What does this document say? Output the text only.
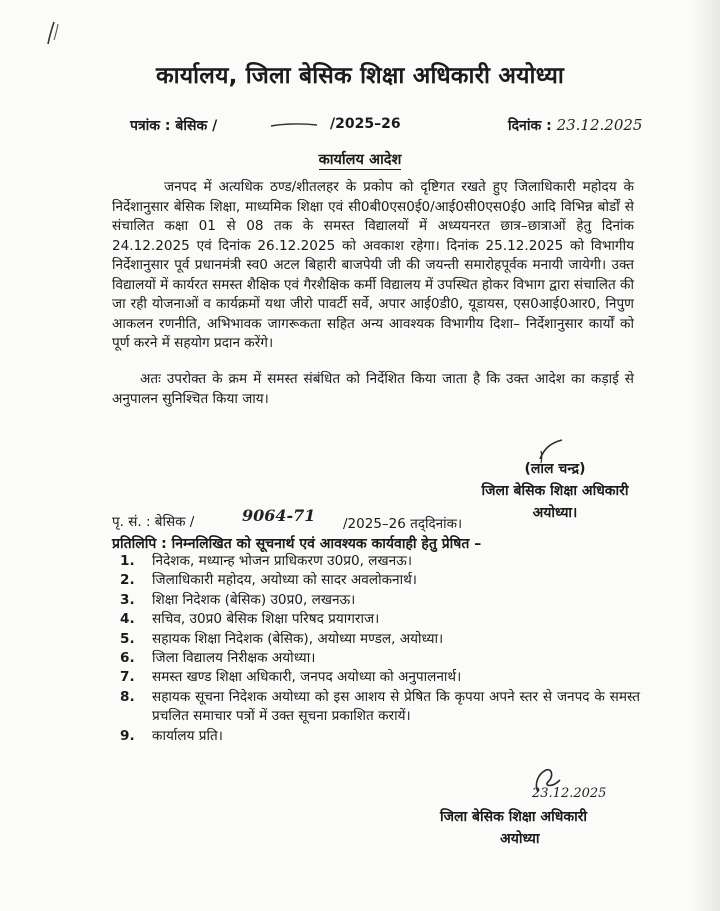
कार्यालय, जिला बेसिक शिक्षा अधिकारी अयोध्या
पत्रांक : बेसिक /	/2025–26	दिनांक : 23.12.2025
कार्यालय आदेश
जनपद में अत्यधिक ठण्ड/शीतलहर के प्रकोप को दृष्टिगत रखते हुए जिलाधिकारी महोदय के निर्देशानुसार बेसिक शिक्षा, माध्यमिक शिक्षा एवं सी0बी0एस0ई0/आई0सी0एस0ई0 आदि विभिन्न बोर्डों से संचालित कक्षा 01 से 08 तक के समस्त विद्यालयों में अध्ययनरत छात्र–छात्राओं हेतु दिनांक 24.12.2025 एवं दिनांक 26.12.2025 को अवकाश रहेगा। दिनांक 25.12.2025 को विभागीय निर्देशानुसार पूर्व प्रधानमंत्री स्व0 अटल बिहारी बाजपेयी जी की जयन्ती समारोहपूर्वक मनायी जायेगी। उक्त विद्यालयों में कार्यरत समस्त शैक्षिक एवं गैरशैक्षिक कर्मी विद्यालय में उपस्थित होकर विभाग द्वारा संचालित की जा रही योजनाओं व कार्यक्रमों यथा जीरो पावर्टी सर्वे, अपार आई0डी0, यूडायस, एस0आई0आर0, निपुण आकलन रणनीति, अभिभावक जागरूकता सहित अन्य आवश्यक विभागीय दिशा– निर्देशानुसार कार्यों को पूर्ण करने में सहयोग प्रदान करेंगे।
अतः उपरोक्त के क्रम में समस्त संबंधित को निर्देशित किया जाता है कि उक्त आदेश का कड़ाई से अनुपालन सुनिश्चित किया जाय।
(लाल चन्द्र)
जिला बेसिक शिक्षा अधिकारी
अयोध्या।
पृ. सं. : बेसिक /	9064-71 /2025–26 तद्‌दिनांक।
प्रतिलिपि : निम्नलिखित को सूचनार्थ एवं आवश्यक कार्यवाही हेतु प्रेषित –
1.	निदेशक, मध्यान्ह भोजन प्राधिकरण उ0प्र0, लखनऊ।
2.	जिलाधिकारी महोदय, अयोध्या को सादर अवलोकनार्थ।
3.	शिक्षा निदेशक (बेसिक) उ0प्र0, लखनऊ।
4.	सचिव, उ0प्र0 बेसिक शिक्षा परिषद प्रयागराज।
5.	सहायक शिक्षा निदेशक (बेसिक), अयोध्या मण्डल, अयोध्या।
6.	जिला विद्यालय निरीक्षक अयोध्या।
7.	समस्त खण्ड शिक्षा अधिकारी, जनपद अयोध्या को अनुपालनार्थ।
8.	सहायक सूचना निदेशक अयोध्या को इस आशय से प्रेषित कि कृपया अपने स्तर से जनपद के समस्त प्रचलित समाचार पत्रों में उक्त सूचना प्रकाशित करायें।
9.	कार्यालय प्रति।
23.12.2025
जिला बेसिक शिक्षा अधिकारी
अयोध्या
